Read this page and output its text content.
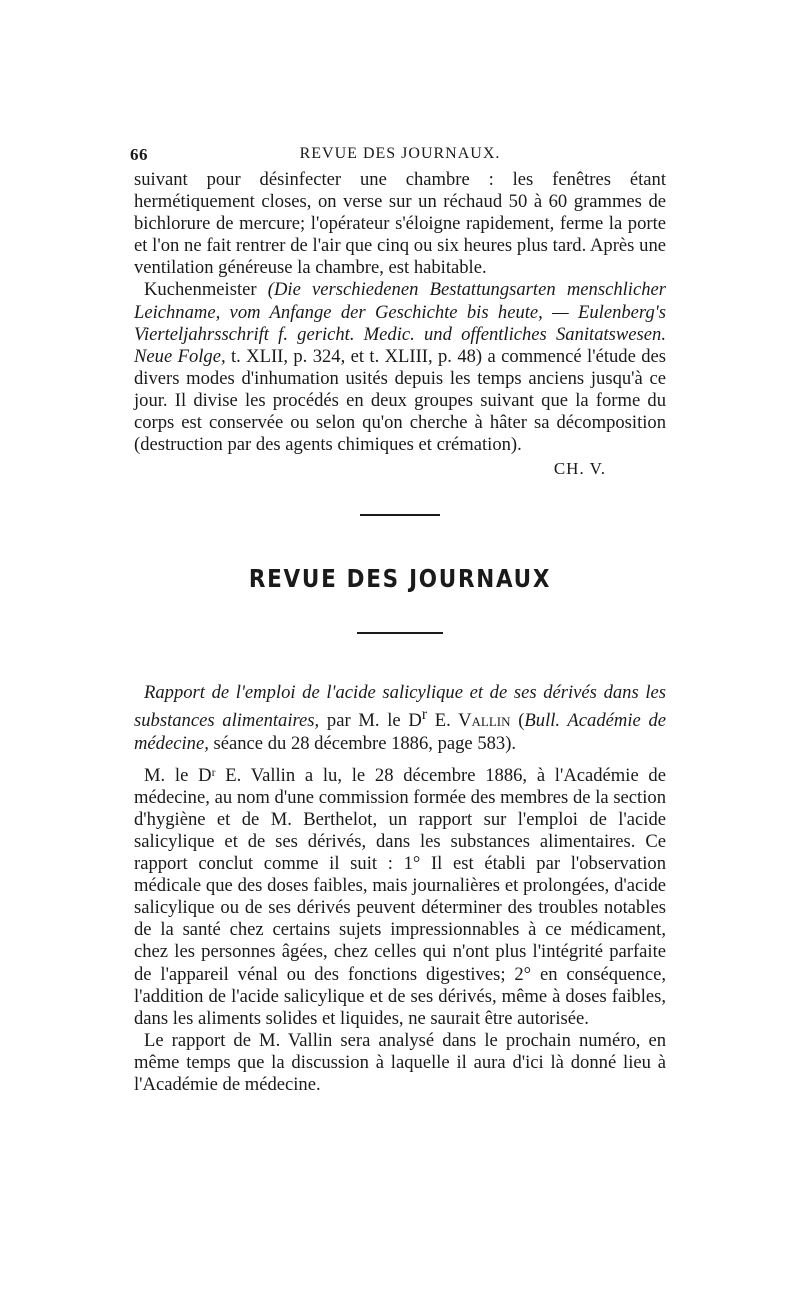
66	REVUE DES JOURNAUX.

suivant pour désinfecter une chambre : les fenêtres étant hermétiquement closes, on verse sur un réchaud 50 à 60 grammes de bichlorure de mercure; l'opérateur s'éloigne rapidement, ferme la porte et l'on ne fait rentrer de l'air que cinq ou six heures plus tard. Après une ventilation généreuse la chambre, est habitable.

Kuchenmeister (Die verschiedenen Bestattungsarten menschlicher Leichname, vom Anfange der Geschichte bis heute, — Eulenberg's Vierteljahrsschrift f. gericht. Medic. und offentliches Sanitatswesen. Neue Folge, t. XLII, p. 324, et t. XLIII, p. 48) a commencé l'étude des divers modes d'inhumation usités depuis les temps anciens jusqu'à ce jour. Il divise les procédés en deux groupes suivant que la forme du corps est conservée ou selon qu'on cherche à hâter sa décomposition (destruction par des agents chimiques et crémation).

CH. V.
REVUE DES JOURNAUX

Rapport de l'emploi de l'acide salicylique et de ses dérivés dans les substances alimentaires, par M. le $D^r$ E. Vallin (Bull. Académie de médecine, séance du 28 décembre 1886, page 583).

M. le Dʳ E. Vallin a lu, le 28 décembre 1886, à l'Académie de médecine, au nom d'une commission formée des membres de la section d'hygiène et de M. Berthelot, un rapport sur l'emploi de l'acide salicylique et de ses dérivés, dans les substances alimentaires. Ce rapport conclut comme il suit : 1° Il est établi par l'observation médicale que des doses faibles, mais journalières et prolongées, d'acide salicylique ou de ses dérivés peuvent déterminer des troubles notables de la santé chez certains sujets impressionnables à ce médicament, chez les personnes âgées, chez celles qui n'ont plus l'intégrité parfaite de l'appareil vénal ou des fonctions digestives; 2° en conséquence, l'addition de l'acide salicylique et de ses dérivés, même à doses faibles, dans les aliments solides et liquides, ne saurait être autorisée.

Le rapport de M. Vallin sera analysé dans le prochain numéro, en même temps que la discussion à laquelle il aura d'ici là donné lieu à l'Académie de médecine.
